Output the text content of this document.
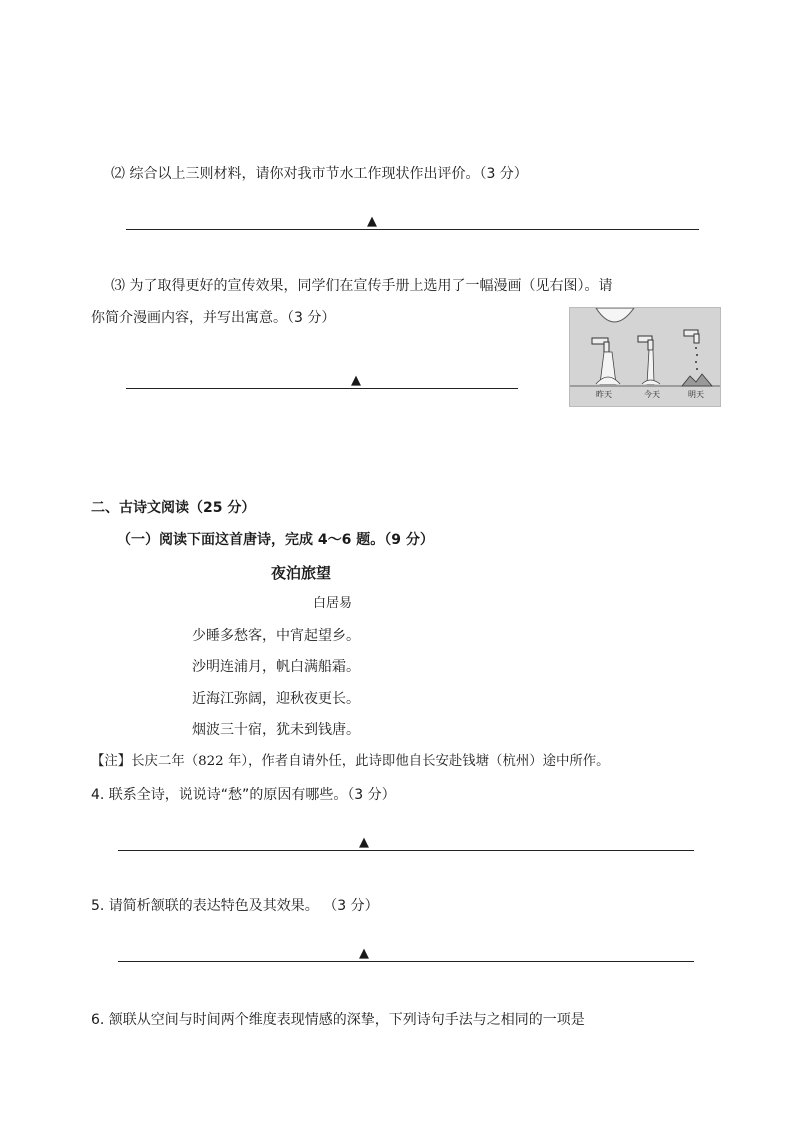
⑵ 综合以上三则材料，请你对我市节水工作现状作出评价。（3 分）
▲
⑶ 为了取得更好的宣传效果，同学们在宣传手册上选用了一幅漫画（见右图）。请
你简介漫画内容，并写出寓意。（3 分）
▲
昨天	今天	明天
二、古诗文阅读（25 分）
（一）阅读下面这首唐诗，完成 4～6 题。（9 分）
夜泊旅望
白居易
少睡多愁客，中宵起望乡。
沙明连浦月，帆白满船霜。
近海江弥阔，迎秋夜更长。
烟波三十宿，犹未到钱唐。
【注】长庆二年（822 年），作者自请外任，此诗即他自长安赴钱塘（杭州）途中所作。
4. 联系全诗，说说诗“愁”的原因有哪些。（3 分）
▲
5. 请简析颔联的表达特色及其效果。 （3 分）
▲
6. 颔联从空间与时间两个维度表现情感的深挚，下列诗句手法与之相同的一项是
